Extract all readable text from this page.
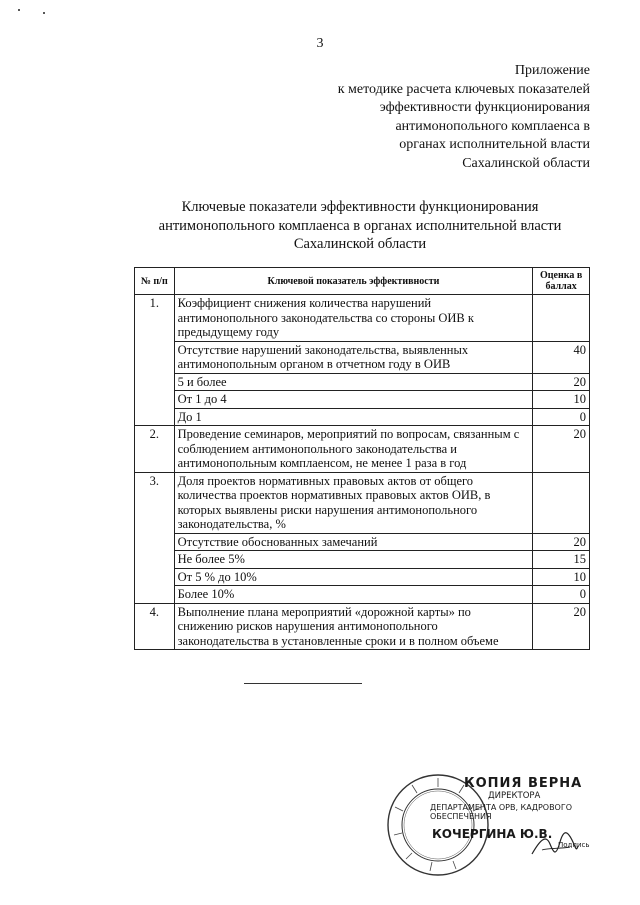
3
Приложение
к методике расчета ключевых показателей
эффективности функционирования
антимонопольного комплаенса в
органах исполнительной власти
Сахалинской области
Ключевые показатели эффективности функционирования
антимонопольного комплаенса в органах исполнительной власти
Сахалинской области
№ п/п	Ключевой показатель эффективности	Оценка в баллах
1.	Коэффициент снижения количества нарушений антимонопольного законодательства со стороны ОИВ к предыдущему году	
	Отсутствие нарушений законодательства, выявленных антимонопольным органом в отчетном году в ОИВ	40
	5 и более	20
	От 1 до 4	10
	До 1	0
2.	Проведение семинаров, мероприятий по вопросам, связанным с соблюдением антимонопольного законодательства и антимонопольным комплаенсом, не менее 1 раза в год	20
3.	Доля проектов нормативных правовых актов от общего количества проектов нормативных правовых актов ОИВ, в которых выявлены риски нарушения антимонопольного законодательства, %	
	Отсутствие обоснованных замечаний	20
	Не более 5%	15
	От 5 % до 10%	10
	Более 10%	0
4.	Выполнение плана мероприятий «дорожной карты» по снижению рисков нарушения антимонопольного законодательства в установленные сроки и в полном объеме	20
КОПИЯ ВЕРНА
ДИРЕКТОРА
ДЕПАРТАМЕНТА ОРВ, КАДРОВОГО ОБЕСПЕЧЕНИЯ
КОЧЕРГИНА Ю.В.
Подпись
